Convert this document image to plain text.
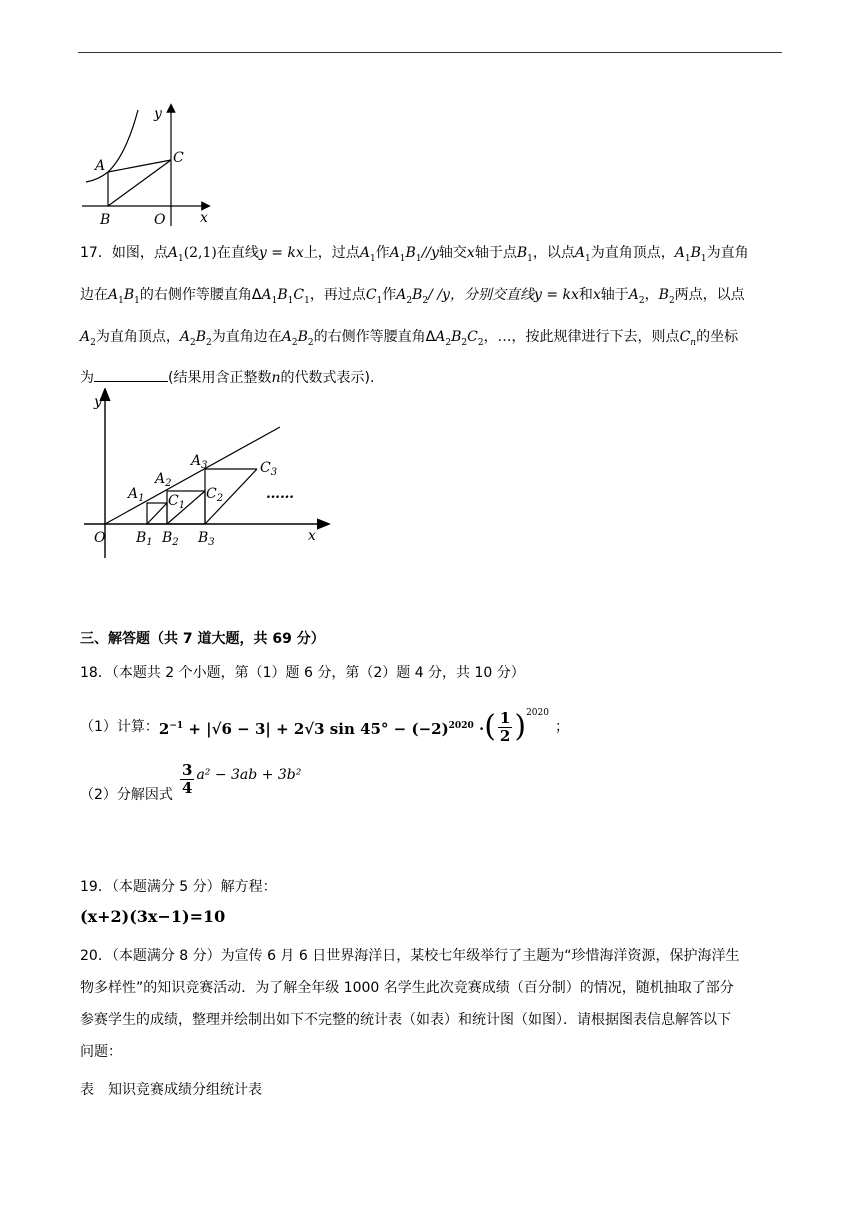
y
x
A
B
C
O
17．如图，点$A_1(2,1)$在直线y = kx上，过点$A_1$作$A_1B_1//y$轴交x轴于点$B_1$，以点$A_1$为直角顶点，$A_1B_1$为直角
边在$A_1B_1$的右侧作等腰直角$\Delta A_1B_1C_1$，再过点$C_1$作$A_2B_2/$ /y，分别交直线y = kx和x轴于$A_2$，$B_2$两点，以点
$A_2$为直角顶点，$A_2B_2$为直角边在$A_2B_2$的右侧作等腰直角$\Delta A_2B_2C_2$，…，按此规律进行下去，则点$C_n$的坐标
为	(结果用含正整数n的代数式表示).
y
x
O
$A_1$
$A_2$
$A_3$
$C_1$
$C_2$
$C_3$
$B_1$ $B_2$ $B_3$
……
三、解答题（共 7 道大题，共 69 分）
18．（本题共 2 个小题，第（1）题 6 分，第（2）题 4 分，共 10 分）
（1）计算： $2^{-1} + |√6 - 3| + 2√3$ $\sin 45^\circ - (-2)^{2020}$ · ( $\frac{1}{2} )^{2020}$
；
（2）分解因式 $\frac{3}{4} a^2 - 3ab + 3b^2$
19．（本题满分 5 分）解方程：
(x+2)(3x−1)=10
20．（本题满分 8 分）为宣传 6 月 6 日世界海洋日，某校七年级举行了主题为“珍惜海洋资源，保护海洋生
物多样性”的知识竞赛活动．为了解全年级 1000 名学生此次竞赛成绩（百分制）的情况，随机抽取了部分
参赛学生的成绩，整理并绘制出如下不完整的统计表（如表）和统计图（如图）．请根据图表信息解答以下
问题：
表　知识竞赛成绩分组统计表
